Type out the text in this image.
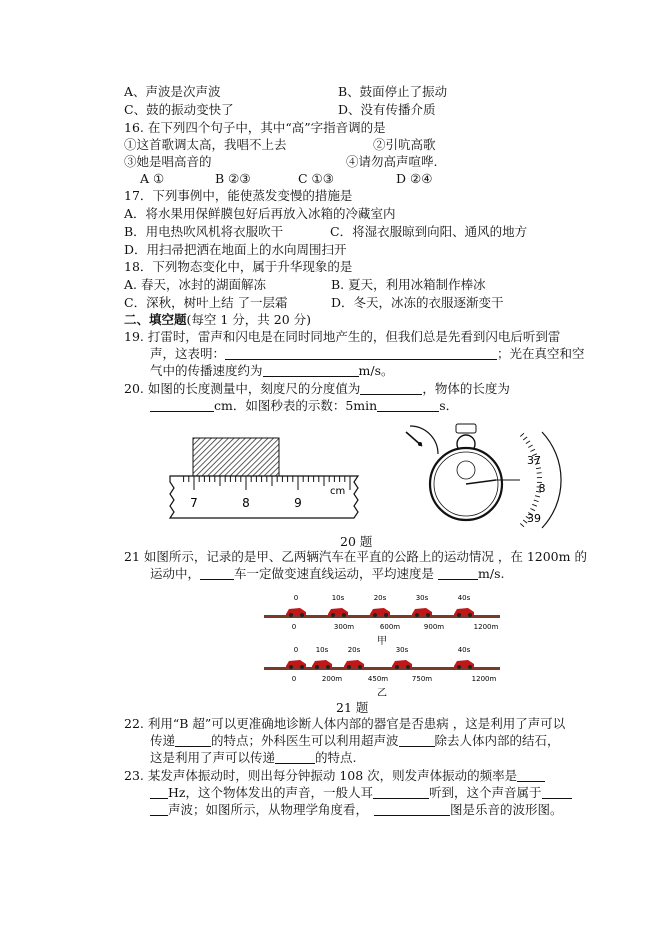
A、声波是次声波	B、鼓面停止了振动
C、鼓的振动变快了	D、没有传播介质
16. 在下列四个句子中，其中“高”字指音调的是
①这首歌调太高，我唱不上去	②引吭高歌
③她是唱高音的	④请勿高声喧哗.
A ①	B ②③	C ①③	D ②④
17．下列事例中，能使蒸发变慢的措施是
A．将水果用保鲜膜包好后再放入冰箱的冷藏室内
B．用电热吹风机将衣服吹干	C．将湿衣服晾到向阳、通风的地方
D．用扫帚把洒在地面上的水向周围扫开
18．下列物态变化中，属于升华现象的是
A. 春天，冰封的湖面解冻	B. 夏天，利用冰箱制作棒冰
C．深秋，树叶上结 了一层霜	D．冬天，冰冻的衣服逐渐变干
二、填空题(每空 1 分，共 20 分)
19. 打雷时，雷声和闪电是在同时同地产生的，但我们总是先看到闪电后听到雷
声，这表明：	；光在真空和空
气中的传播速度约为	m/s。
20. 如图的长度测量中，刻度尺的分度值为	，物体的长度为
cm．如图秒表的示数：5min	s．
7	8	9
cm
37
8
39
20 题
21 如图所示，记录的是甲、乙两辆汽车在平直的公路上的运动情况 ，在 1200m 的
运动中，	车一定做变速直线运动，平均速度是	m/s.
0
0
10s
300m
20s
600m
30s
900m
40s
1200m
0
0
10s
200m
20s
450m
30s
750m
40s
1200m
甲
乙
21 题
22. 利用“B 超”可以更准确地诊断人体内部的器官是否患病 ，这是利用了声可以
传递	的特点；外科医生可以利用超声波	除去人体内部的结石，
这是利用了声可以传递	的特点.
23. 某发声体振动时，则出每分钟振动 108 次，则发声体振动的频率是
Hz，这个物体发出的声音，一般人耳	听到，这个声音属于
声波；如图所示，从物理学角度看，	图是乐音的波形图。
